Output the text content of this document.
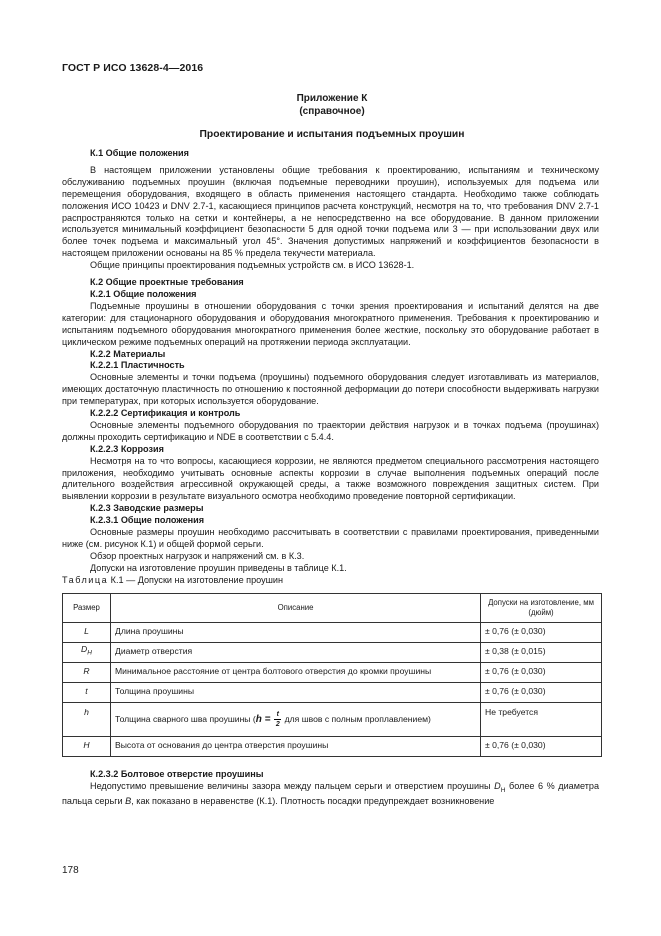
ГОСТ Р ИСО 13628-4—2016
Приложение К
(справочное)
Проектирование и испытания подъемных проушин
К.1 Общие положения

В настоящем приложении установлены общие требования к проектированию, испытаниям и техническому обслуживанию подъемных проушин (включая подъемные переводники проушин), используемых для подъема или перемещения оборудования, входящего в область применения настоящего стандарта. Необходимо также соблюдать положения ИСО 10423 и DNV 2.7-1, касающиеся принципов расчета конструкций, несмотря на то, что требования DNV 2.7-1 распространяются только на сетки и контейнеры, а не непосредственно на все оборудование. В данном приложении используется минимальный коэффициент безопасности 5 для одной точки подъема или 3 — при использовании двух или более точек подъема и максимальный угол 45°. Значения допустимых напряжений и коэффициентов безопасности в настоящем приложении основаны на 85 % предела текучести материала.

Общие принципы проектирования подъемных устройств см. в ИСО 13628-1.

К.2 Общие проектные требования
К.2.1 Общие положения

Подъемные проушины в отношении оборудования с точки зрения проектирования и испытаний делятся на две категории: для стационарного оборудования и оборудования многократного применения. Требования к проектированию и испытаниям подъемного оборудования многократного применения более жесткие, поскольку это оборудование работает в циклическом режиме подъемных операций на протяжении периода эксплуатации.

К.2.2 Материалы
К.2.2.1 Пластичность

Основные элементы и точки подъема (проушины) подъемного оборудования следует изготавливать из материалов, имеющих достаточную пластичность по отношению к постоянной деформации до потери способности выдерживать нагрузки при температурах, при которых используется оборудование.

К.2.2.2 Сертификация и контроль

Основные элементы подъемного оборудования по траектории действия нагрузок и в точках подъема (проушинах) должны проходить сертификацию и NDE в соответствии с 5.4.4.

К.2.2.3 Коррозия

Несмотря на то что вопросы, касающиеся коррозии, не являются предметом специального рассмотрения настоящего приложения, необходимо учитывать основные аспекты коррозии в случае выполнения подъемных операций после длительного воздействия агрессивной окружающей среды, а также возможного повреждения защитных систем. При выявлении коррозии в результате визуального осмотра необходимо проведение повторной сертификации.

К.2.3 Заводские размеры
К.2.3.1 Общие положения

Основные размеры проушин необходимо рассчитывать в соответствии с правилами проектирования, приведенными ниже (см. рисунок К.1) и общей формой серьги.

Обзор проектных нагрузок и напряжений см. в К.3.

Допуски на изготовление проушин приведены в таблице К.1.

Таблица К.1 — Допуски на изготовление проушин
Размер	Описание	Допуски на изготовление, мм (дюйм)
L	Длина проушины	± 0,76 (± 0,030)
$D_H$	Диаметр отверстия	± 0,38 (± 0,015)
R	Минимальное расстояние от центра болтового отверстия до кромки проушины	± 0,76 (± 0,030)
t	Толщина проушины	± 0,76 (± 0,030)
h	Толщина сварного шва проушины ($h = \frac{t}{2}$ для швов с полным проплавлением)	Не требуется
H	Высота от основания до центра отверстия проушины	± 0,76 (± 0,030)
К.2.3.2 Болтовое отверстие проушины

Недопустимо превышение величины зазора между пальцем серьги и отверстием проушины $D_H$ более 6 % диаметра пальца серьги B, как показано в неравенстве (К.1). Плотность посадки предупреждает возникновение

178
